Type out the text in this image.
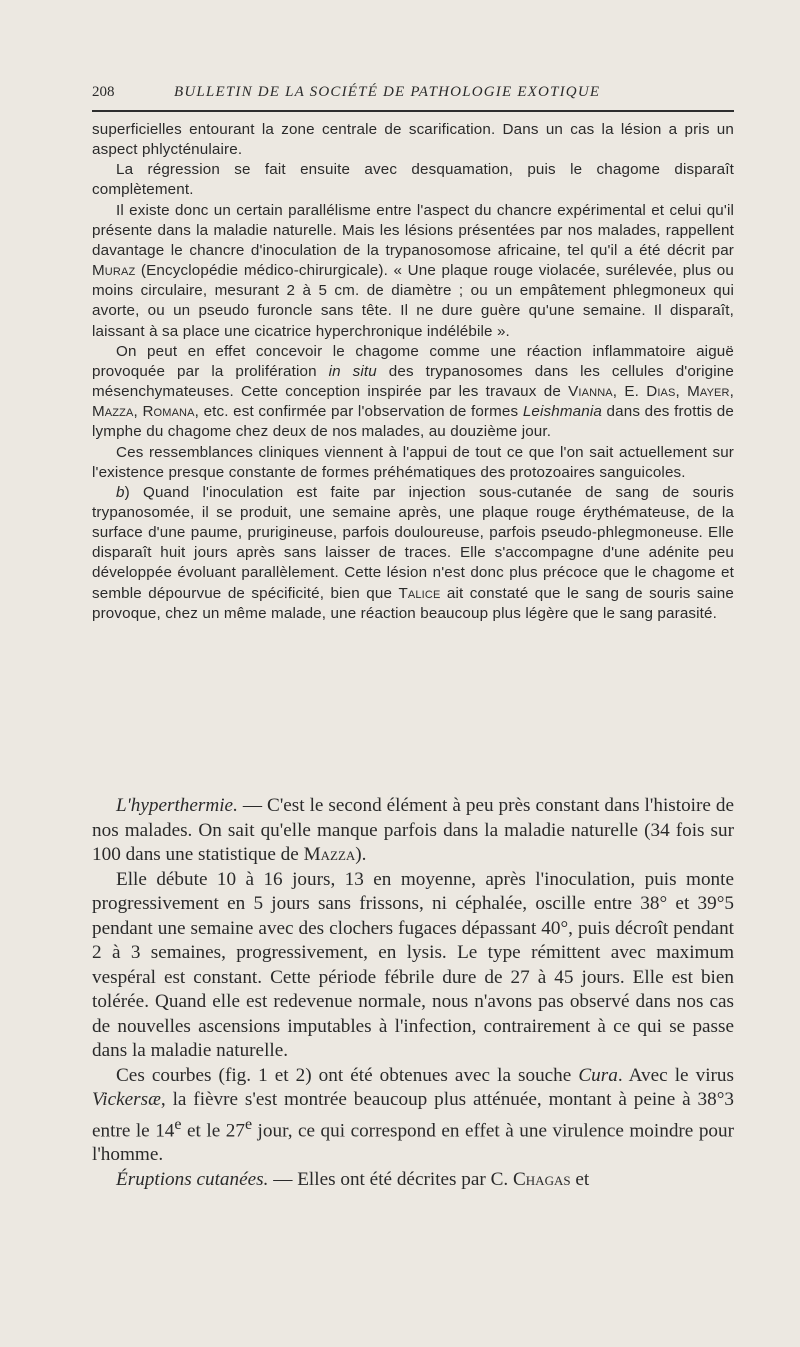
208	BULLETIN DE LA SOCIÉTÉ DE PATHOLOGIE EXOTIQUE

superficielles entourant la zone centrale de scarification. Dans un cas la lésion a pris un aspect phlycténulaire.

La régression se fait ensuite avec desquamation, puis le chagome disparaît complètement.

Il existe donc un certain parallélisme entre l'aspect du chancre expérimental et celui qu'il présente dans la maladie naturelle. Mais les lésions présentées par nos malades, rappellent davantage le chancre d'inoculation de la trypanosomose africaine, tel qu'il a été décrit par Muraz (Encyclopédie médico-chirurgicale). « Une plaque rouge violacée, surélevée, plus ou moins circulaire, mesurant 2 à 5 cm. de diamètre ; ou un empâtement phlegmoneux qui avorte, ou un pseudo furoncle sans tête. Il ne dure guère qu'une semaine. Il disparaît, laissant à sa place une cicatrice hyperchronique indélébile ».

On peut en effet concevoir le chagome comme une réaction inflammatoire aiguë provoquée par la prolifération in situ des trypanosomes dans les cellules d'origine mésenchymateuses. Cette conception inspirée par les travaux de Vianna, E. Dias, Mayer, Mazza, Romana, etc. est confirmée par l'observation de formes Leishmania dans des frottis de lymphe du chagome chez deux de nos malades, au douzième jour.

Ces ressemblances cliniques viennent à l'appui de tout ce que l'on sait actuellement sur l'existence presque constante de formes préhématiques des protozoaires sanguicoles.

b) Quand l'inoculation est faite par injection sous-cutanée de sang de souris trypanosomée, il se produit, une semaine après, une plaque rouge érythémateuse, de la surface d'une paume, prurigineuse, parfois douloureuse, parfois pseudo-phlegmoneuse. Elle disparaît huit jours après sans laisser de traces. Elle s'accompagne d'une adénite peu développée évoluant parallèlement. Cette lésion n'est donc plus précoce que le chagome et semble dépourvue de spécificité, bien que Talice ait constaté que le sang de souris saine provoque, chez un même malade, une réaction beaucoup plus légère que le sang parasité.

L'hyperthermie. — C'est le second élément à peu près constant dans l'histoire de nos malades. On sait qu'elle manque parfois dans la maladie naturelle (34 fois sur 100 dans une statistique de Mazza).

Elle débute 10 à 16 jours, 13 en moyenne, après l'inoculation, puis monte progressivement en 5 jours sans frissons, ni céphalée, oscille entre 38° et 39°5 pendant une semaine avec des clochers fugaces dépassant 40°, puis décroît pendant 2 à 3 semaines, progressivement, en lysis. Le type rémittent avec maximum vespéral est constant. Cette période fébrile dure de 27 à 45 jours. Elle est bien tolérée. Quand elle est redevenue normale, nous n'avons pas observé dans nos cas de nouvelles ascensions imputables à l'infection, contrairement à ce qui se passe dans la maladie naturelle.

Ces courbes (fig. 1 et 2) ont été obtenues avec la souche Cura. Avec le virus Vickersæ, la fièvre s'est montrée beaucoup plus atténuée, montant à peine à 38°3 entre le 14e et le 27e jour, ce qui correspond en effet à une virulence moindre pour l'homme.

Éruptions cutanées. — Elles ont été décrites par C. Chagas et
